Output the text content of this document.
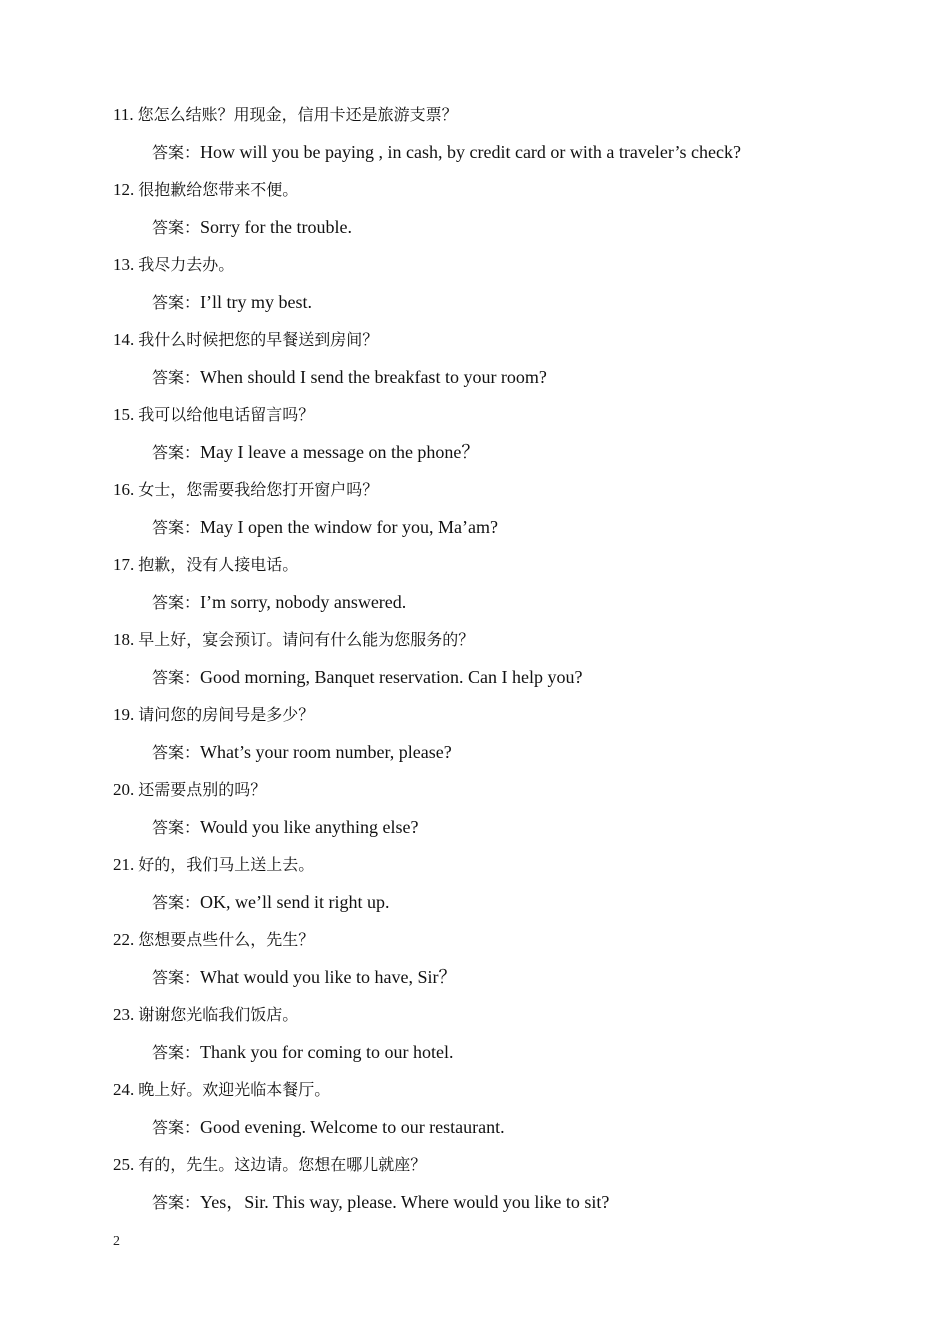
11. 您怎么结账？用现金，信用卡还是旅游支票？
答案：How will you be paying , in cash, by credit card or with a traveler’s check?
12. 很抱歉给您带来不便。
答案：Sorry for the trouble.
13. 我尽力去办。
答案：I’ll try my best.
14. 我什么时候把您的早餐送到房间？
答案：When should I send the breakfast to your room?
15. 我可以给他电话留言吗？
答案：May I leave a message on the phone？
16. 女士，您需要我给您打开窗户吗？
答案：May I open the window for you, Ma’am?
17. 抱歉，没有人接电话。
答案：I’m sorry, nobody answered.
18. 早上好，宴会预订。请问有什么能为您服务的？
答案：Good morning, Banquet reservation. Can I help you?
19. 请问您的房间号是多少？
答案：What’s your room number, please?
20. 还需要点别的吗？
答案：Would you like anything else?
21. 好的，我们马上送上去。
答案：OK, we’ll send it right up.
22. 您想要点些什么，先生？
答案：What would you like to have, Sir？
23. 谢谢您光临我们饭店。
答案：Thank you for coming to our hotel.
24. 晚上好。欢迎光临本餐厅。
答案：Good evening. Welcome to our restaurant.
25. 有的，先生。这边请。您想在哪儿就座？
答案：Yes，Sir. This way, please. Where would you like to sit?
2
